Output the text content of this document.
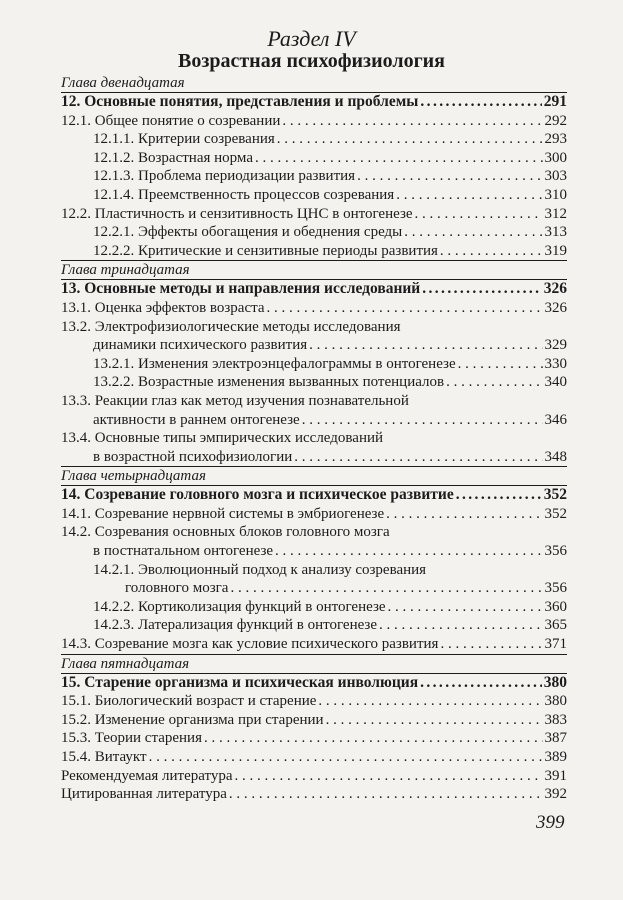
Раздел IV
Возрастная психофизиология
Глава двенадцатая
12. Основные понятия, представления и проблемы .....	291
12.1. Общее понятие о созревании . . .	292
12.1.1. Критерии созревания . . .	293
12.1.2. Возрастная норма . . .	300
12.1.3. Проблема периодизации развития . . .	303
12.1.4. Преемственность процессов созревания . . .	310
12.2. Пластичность и сензитивность ЦНС в онтогенезе . . .	312
12.2.1. Эффекты обогащения и обеднения среды . . .	313
12.2.2. Критические и сензитивные периоды развития . . .	319
Глава тринадцатая
13. Основные методы и направления исследований .....	326
13.1. Оценка эффектов возраста . . .	326
13.2. Электрофизиологические методы исследования
динамики психического развития . . .	329
13.2.1. Изменения электроэнцефалограммы в онтогенезе . . .	330
13.2.2. Возрастные изменения вызванных потенциалов . . .	340
13.3. Реакции глаз как метод изучения познавательной
активности в раннем онтогенезе . . .	346
13.4. Основные типы эмпирических исследований
в возрастной психофизиологии . . .	348
Глава четырнадцатая
14. Созревание головного мозга и психическое развитие .....	352
14.1. Созревание нервной системы в эмбриогенезе . . .	352
14.2. Созревания основных блоков головного мозга
в постнатальном онтогенезе . . .	356
14.2.1. Эволюционный подход к анализу созревания
головного мозга . . .	356
14.2.2. Кортиколизация функций в онтогенезе . . .	360
14.2.3. Латерализация функций в онтогенезе . . .	365
14.3. Созревание мозга как условие психического развития . . .	371
Глава пятнадцатая
15. Старение организма и психическая инволюция .....	380
15.1. Биологический возраст и старение . . .	380
15.2. Изменение организма при старении . . .	383
15.3. Теории старения . . .	387
15.4. Витаукт . . .	389
Рекомендуемая литература . . .	391
Цитированная литература . . .	392
399
